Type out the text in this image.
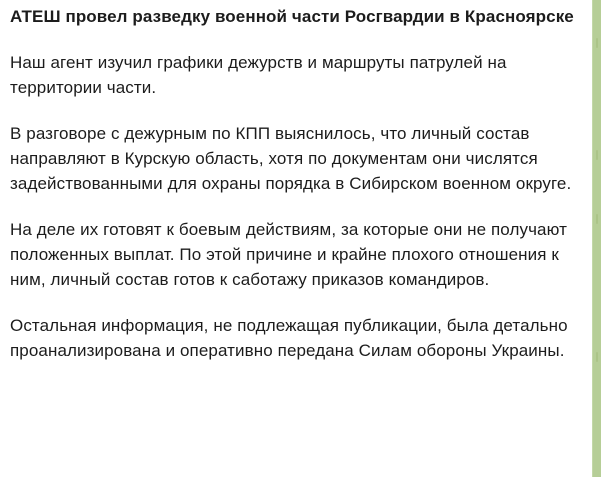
АТЕШ провел разведку военной части Росгвардии в Красноярске

Наш агент изучил графики дежурств и маршруты патрулей на территории части.

В разговоре с дежурным по КПП выяснилось, что личный состав направляют в Курскую область, хотя по документам они числятся задействованными для охраны порядка в Сибирском военном округе.

На деле их готовят к боевым действиям, за которые они не получают положенных выплат. По этой причине и крайне плохого отношения к ним, личный состав готов к саботажу приказов командиров.

Остальная информация, не подлежащая публикации, была детально проанализирована и оперативно передана Силам обороны Украины.
